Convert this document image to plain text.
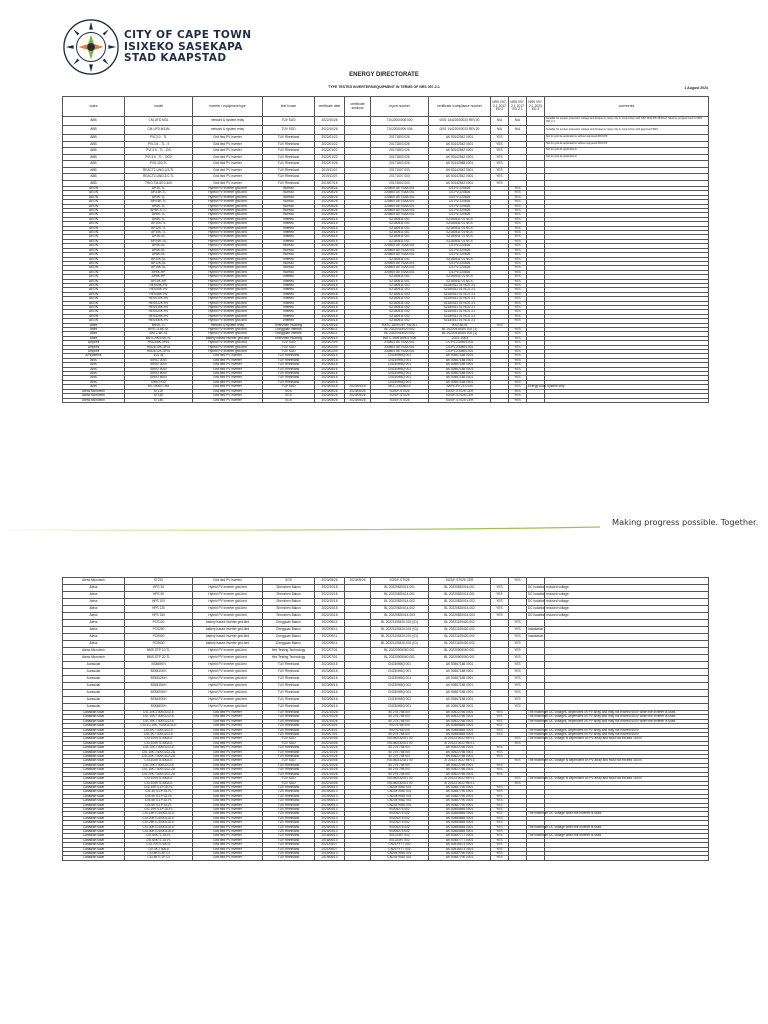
CITY OF CAPE TOWN
ISIXEKO SASEKAPA
STAD KAAPSTAD
ENERGY DIRECTORATE
TYPE TESTED INVERTERS/EQUIPMENT IN TERMS OF NRS 097-2-1	1 August 2024
make	model	inverter / equipment type	test house	certificate date	certificate sections	report number	certificate /compliance number	NRS 097-2-1 2017 ED 2	NRS 097-2-1 2017 ED 2.1	NRS 097-2-1 2023 ED 3	comments
ABB	CM-UFD.M31	network & system relay	TÜV SÜD	2022/10/26		71022000006 000	0001 144220/00023 REV.00	N/A	N/A		Suitable for system protection voltage and frequency relay only in conjunction with NSC M31-RS 45/20-M. Must be programmed to NRS 097-2-1
ABB	CM-UFD.M31M	network & system relay	TÜV SÜD	2022/10/26		71022000006 006	0001 144220/00023 REV.00	N/A	N/A		Suitable for system protection voltage and frequency relay only in conjunction with approved NRS
ABB	PVI-3.0 - TL	Grid tied PV inverter	TUV Rheinland	2022/01/22		20171803 026	AK 50142542 0001	YES			Not for grid-tie applications without approved ROCOF
ABB	PVI-3.6 - TL - 9	Grid tied PV inverter	TUV Rheinland	2022/01/22		20171803 026	AK 50142542 0001	YES			Not for grid-tie applications without approved ROCOF
ABB	PVI-3.6 - TL - OO	Grid tied PV inverter	TUV Rheinland	2022/01/22		20171803 026	AK 50142542 0001	YES			Not for grid-tie applications
ABB	PVI-3.6 - TL - OO2	Grid tied PV inverter	TUV Rheinland	2022/01/22		20171803 026	AK 50142542 0001	YES			Not for grid-tie applications
ABB	PVS-100-TL	Grid tied PV inverter	TUV Rheinland	2022/01/26		20171803 026	AK 50142588 0001	YES			
ABB	REACT2-UNO-3.5-TL	Grid tied PV inverter	TUV Rheinland	2019/11/07		20171007 003	AK 50142542 0001	YES			
ABB	REACT2-UNO-5.0-TL	Grid tied PV inverter	TUV Rheinland	2019/11/07		20171007 003	AK 50142542 0001	YES			
ABB	TRIO-TM-60.0-400	Grid tied PV inverter	TUV Rheinland	2019/07/15		20174502 003	AK 50142542 0001	YES			
AEON	AP3K-TL	Hybrid PV inverter grid-tied	Bureau	2022/08/26		220805 DETSAA 001	CS-PV-220826		YES		
AEON	AP3.6K-TL	Hybrid PV inverter grid-tied	Bureau	2022/08/26		220805 DETSAA 001	CS-PV-220826		YES		
AEON	AP4K-TL	Hybrid PV inverter grid-tied	Bureau	2022/08/26		220805 DETSAA 001	CS-PV-220826		YES		
AEON	AP4.6K-TL	Hybrid PV inverter grid-tied	Bureau	2022/08/26		220805 DETSAA 001	CS-PV-220826		YES		
AEON	AP5K-TL	Hybrid PV inverter grid-tied	Bureau	2022/08/26		220805 DETSAA 001	CS-PV-220826		YES		
AEON	AP5K-TL-C	Hybrid PV inverter grid-tied	Bureau	2022/08/26		220805 DETSAA 001	CS-PV-220826		YES		
AEON	AP6K-TL	Hybrid PV inverter grid-tied	Bureau	2022/08/26		220805 DETSAA 001	CS-PV-220826		YES		
AEON	AP8K-TL	Hybrid PV inverter grid-tied	Intertek	2022/06/15		SZ180511 001	SZ180511 01 NCS		YES		
AEON	AP10K-TL	Hybrid PV inverter grid-tied	Intertek	2022/06/15		SZ180511 001	SZ180511 01 NCS		YES		
AEON	AP12K-TL	Hybrid PV inverter grid-tied	Intertek	2022/06/15		SZ180511 001	SZ180511 01 NCS		YES		
AEON	AP15K-TL	Hybrid PV inverter grid-tied	Intertek	2022/06/15		SZ180511 001	SZ180511 01 NCS		YES		
AEON	AP3K-SL	Hybrid PV inverter grid-tied	Intertek	2022/06/15		SZ180511 001	SZ180511 01 NCS		YES		
AEON	AP3.6K-SL	Hybrid PV inverter grid-tied	Intertek	2022/06/15		SZ180511 001	SZ180511 01 NCS		YES		
AEON	AP5K-SL	Hybrid PV inverter grid-tied	Bureau	2022/08/26		220805 DETSAA 001	CS-PV-220826		YES		
AEON	AP6K-SL	Hybrid PV inverter grid-tied	Bureau	2022/08/26		220805 DETSAA 001	CS-PV-220826		YES		
AEON	AP8K-SL	Hybrid PV inverter grid-tied	Bureau	2022/08/26		220805 DETSAA 001	CS-PV-220826		YES		
AEON	AP10K-SL	Hybrid PV inverter grid-tied	Intertek	2022/06/15		SZ180511 001	SZ180511 01 NCS		YES		
AEON	AP12K-SL	Hybrid PV inverter grid-tied	Bureau	2022/08/26		220805 DETSAA 001	CS-PV-220826		YES		
AEON	AP15K-SL	Hybrid PV inverter grid-tied	Bureau	2022/08/26		220805 DETSAA 001	CS-PV-220826		YES		
AEON	AP6K-HP	Hybrid PV inverter grid-tied	Bureau	2022/08/26		220805 DETSAA 001	CS-PV-220826		YES		
AEON	AP8K-HP	Hybrid PV inverter grid-tied	Intertek	2022/06/15		SZ180511 001	SZ180511 01 NCS		YES		
AEON	AP10K-HP	Hybrid PV inverter grid-tied	Intertek	2022/06/15		SZ180511 001	SZ180511 01 NCS		YES		
AEON	HESS5K-HV	Hybrid PV inverter grid-tied	Intertek	2023/06/18		SZ180511 002	SZ180511 01 NCS 3.1		YES		
AEON	HESS6K-HV	Hybrid PV inverter grid-tied	Intertek	2023/06/18		SZ180511 002	SZ180511 01 NCS 3.1		YES		
AEON	HESS8K-HV	Hybrid PV inverter grid-tied	Intertek	2023/06/18		SZ180511 002	SZ180511 01 NCS 3.1		YES		
AEON	HESS10K-HV	Hybrid PV inverter grid-tied	Intertek	2023/06/18		SZ180511 002	SZ180511 01 NCS 3.1		YES		
AEON	HESS12K-HV	Hybrid PV inverter grid-tied	Intertek	2023/06/18		SZ180511 002	SZ180511 01 NCS 3.1		YES		
AEON	HESS15K-HV	Hybrid PV inverter grid-tied	Intertek	2023/06/18		SZ180511 002	SZ180511 01 NCS 3.1		YES		
AEON	HESS20K-HV	Hybrid PV inverter grid-tied	Intertek	2023/06/18		SZ180511 002	SZ180511 01 NCS 3.1		YES		
AEON	HESS25K-HV	Hybrid PV inverter grid-tied	Intertek	2023/06/18		SZ180511 002	SZ180511 01 NCS 3.1		YES		
AEON	HESS30K-HV	Hybrid PV inverter grid-tied	Intertek	2023/06/18		SZ180511 002	SZ180511 01 NCS 3.1		YES		
Afore	BNSK-TL	network & system relay	Shenzhen Huatong	2021/05/26		HATC-1609 DET SA 001	0002-B178	YES			
Afore	BNTL-4.6K-SL	Hybrid PV inverter grid-tied	Dongguan Intertek	2022/06/11		BL 20220415020 002	BL 20220415020 002 (1)		YES		
Afore	BNTL-6K-SL	Hybrid PV inverter grid-tied	Dongguan Intertek	2022/06/11		BL 20220415020 002	BL 20220415020 002 (1)		YES		
Afore	BNTL-5K/4.6K-SL	battery based inverter grid-tied	Shenzhen Huatong	2023/06/19		HATC-1609 A50017026	-2023 -0003		YES		
Ampcell	HSD3/8K-3P01	Hybrid PV inverter grid-tied	TUV SUD	2023/02/09		230804 DETSAA 001	CS-PV-230804-001		YES		
Ampcell	HSD3/10K-3P01	Hybrid PV inverter grid-tied	TUV SUD	2023/02/09		230804 DETSAA 001	CS-PV-230804-001		YES		
Ampcell	HSD3/12K-3P01	Hybrid PV inverter grid-tied	TUV SUD	2023/02/09		230804 DETSAA 001	CS-PV-230804-001		YES		
APsystems	EZ1-M	Grid tied PV inverter	TUV Rheinland	2023/08/16		CN230HBQ 001	AK 50567188 0001		YES		
Aros	SIRIO 2000	Grid tied PV inverter	TUV Rheinland	2023/08/16		CN230HBQ 001	AK 50567188 0001		YES		
Aros	SIRIO 3000	Grid tied PV inverter	TUV Rheinland	2023/08/16		CN230HBQ 001	AK 50567188 0001		YES		
Aros	SIRIO 4000	Grid tied PV inverter	TUV Rheinland	2023/08/16		CN230HBQ 001	AK 50567188 0001		YES		
Aros	SIRIO 5000	Grid tied PV inverter	TUV Rheinland	2023/08/16		CN230HBQ 001	AK 50567188 0001		YES		
Aros	SIRIO 6000	Grid tied PV inverter	TUV Rheinland	2023/08/16		CN230HBQ 001	AK 50567188 0001		YES		
Aros	SIRIO K12	Grid tied PV inverter	TUV Rheinland	2023/08/16		CN230HBQ 001	AK 50567188 0001		YES		
Aros	HV-10000T-RA	Grid tied PV inverter	TUV SUD	2023/04/18	2023/04/18	MCC.J3304013	SAFE-PV-23-0134		YES	Energy Audit System only	
Atess Microtech	ST120	Grid tied PV inverter	SGS	2023/05/26	2023/05/26	SGS/F-ST025	SGS/F-ST025 CER		YES		
Atess Microtech	ST150	Grid tied PV inverter	SGS	2023/05/26	2023/05/26	SGS/F-ST025	SGS/F-ST025 CER		YES		
Atess Microtech	ST180	Grid tied PV inverter	SGS	2023/05/26	2023/05/26	SGS/F-ST025	SGS/F-ST025 CER		YES		
Making progress possible. Together.
Atess Microtech	ST210	Grid tied PV inverter	SGS	2023/05/26	2023/05/26	SGS/F-ST025	SGS/F-ST025 CER		YES		
Atess	HPS 30	Hybrid PV inverter grid-tied	Shenzhen Bakun	2022/10/18		BL 20220820014-001	BL 20220820014-001	YES		DC isolation reduced voltage.	
Atess	HPS 50	Hybrid PV inverter grid-tied	Shenzhen Bakun	2022/10/18		BL 20220820014-001	BL 20220820014-001	YES		DC isolation reduced voltage.	
Atess	HPS 100	Hybrid PV inverter grid-tied	Shenzhen Bakun	2022/10/18		BL 20220820014-002	BL 20220820014-002	YES		DC isolation reduced voltage.	
Atess	HPS 120	Hybrid PV inverter grid-tied	Shenzhen Bakun	2022/10/18		BL 20220820014-002	BL 20220820014-002	YES		DC isolation reduced voltage.	
Atess	HPS 150	Hybrid PV inverter grid-tied	Shenzhen Bakun	2022/10/18		BL 20220820014-003	BL 20220820014-003	YES		DC isolation reduced voltage.	
Atess	PCS100	battery based inverter grid-tied	Dongguan Bakun	2022/09/11		BL 20221105420-001 (01)	BL 20221105420-002		YES		
Atess	PCS250	battery based inverter grid-tied	Dongguan Bakun	2022/09/11		BL 20221105420-001 (01)	BL 20221105420-002		YES	Installation	
Atess	PCS500	battery based inverter grid-tied	Dongguan Bakun	2022/09/11		BL 20221105420-001 (01)	BL 20221105420-002		YES	Installation	
Atess	PCS630	battery based inverter grid-tied	Dongguan Bakun	2022/09/11		BL 20221105420-001 (01)	BL 20221105420-002		YES		
Atess Microtech	BMS-STP 10-TL	Hybrid PV inverter grid-tied	Hex Testing Technology	2022/07/01		BL 20220905060-001	BL 20220905060-001		YES		
Atess Microtech	BMS-STP 20-TL	Hybrid PV inverter grid-tied	Hex Testing Technology	2022/07/01		BL 20220905060-001	BL 20220905060-001		YES		
Aurasolar	BSMI8KH	Hybrid PV inverter grid-tied	TUV Rheinland	2023/06/16		CN230HBQ 001	AK 50567188 0001		YES		
Aurasolar	BSMI10KH	Hybrid PV inverter grid-tied	TUV Rheinland	2023/06/16		CN230HBQ 001	AK 50567188 0001		YES		
Aurasolar	BSMI12KH	Hybrid PV inverter grid-tied	TUV Rheinland	2023/06/16		CN230HBQ 001	AK 50567188 0001		YES		
Aurasolar	BSMI15KH	Hybrid PV inverter grid-tied	TUV Rheinland	2023/06/16		CN230HBQ 001	AK 50567188 0001		YES		
Aurasolar	BSMI20KH	Hybrid PV inverter grid-tied	TUV Rheinland	2023/06/16		CN230HBQ 001	AK 50567188 0001		YES		
Aurasolar	BSMI30KH	Hybrid PV inverter grid-tied	TUV Rheinland	2023/06/16		CN230HBQ 001	AK 50567188 0001		YES		
Aurasolar	BSMI50KH	Hybrid PV inverter grid-tied	TUV Rheinland	2023/06/16		CN230HBQ 001	AK 50567188 0001		YES		
Canadian solar	CSI-10K-T400GL02-E	Grid tied PV inverter	TUV Rheinland	2021/10/26		50 275 758 007	AK 50522766 0001	YES		The maximum DC voltages, dependent on PV array and may not exceed 600V when the inverter is used.	
Canadian solar	CSI-10K-T400GL02-E	Grid tied PV inverter	TUV Rheinland	2021/10/26		50 275 758 007	AK 50522766 0001	YES		The maximum DC voltages, dependent on PV array and may not exceed 600V when the inverter is used.	
Canadian solar	CSI-15K-T400GL02-E	Grid tied PV inverter	TUV Rheinland	2021/10/26		50 275 758 007	AK 50522766 0001	YES		The maximum DC voltages, dependent on PV array and may not exceed 600V when the inverter is used.	
Canadian solar	CSI-10-15K-T400GL02-E	Grid tied PV inverter	TUV Rheinland	2022/03/01		90275758 005	AK 50485855 0001	YES			
Canadian solar	CSI-5K-T400GL02-E	Grid tied PV inverter	TUV Rheinland	2022/03/01		90275758 005	AK 50485855 0001	YES		The maximum DC voltages, dependent on PV array and may not exceed 600V.	
Canadian solar	CSI-3K-T400GL02-E	Grid tied PV inverter	TUV Rheinland	2020/07/01		50 275 758 007	AK 50485855 0001	YES		The maximum DC voltages, dependent on PV array and may not exceed 600V.	
Canadian solar	CSI-100KTL400A-E	Grid tied PV inverter	TÜV SÜD	2022/10/05		7S0180232021 00	ZI 20123 0022 REV.1		YES	The maximum DC voltage is dependent on PV array and must not exceed 1100V.	
Canadian solar	CSI-100KTL400A-E	Grid tied PV inverter	TÜV SÜD	2022/10/05		7S0180232021 00	ZI 20123 0022 REV.1		YES		
Canadian solar	CSI-10K-T400GL02-E	Grid tied PV inverter	TUV Rheinland	2021/10/26		50 275 758 007	AK 50522766 0001	YES			
Canadian solar	CSI-15K-T400GL02-ZA	Grid tied PV inverter	TUV Rheinland	2021/10/26		50 275 758 007	AK 50522766 0001	YES			
Canadian solar	CSI-20K-T400GL02-ZA	Grid tied PV inverter	TUV Rheinland	2021/10/26		50 275 758 007	AK 50522766 0001	YES			
Canadian solar	CSI-100KTL400A-E	Grid tied PV inverter	TÜV SÜD	2022/10/05		7S0180232021 00	ZI 20123 0022 REV.1		YES	The maximum DC voltage is dependent on PV array and must not exceed 1100V.	
Canadian solar	CSI-10K-T400GL02-E	Grid tied PV inverter	TUV Rheinland	2021/10/26		50 275 758 007	AK 50522766 0001	YES			
Canadian solar	CSI-15K-T400GL02-ZA	Grid tied PV inverter	TUV Rheinland	2021/10/26		50 275 758 007	AK 50522766 0001	YES			
Canadian solar	CSI-20K-T400GL02-ZA	Grid tied PV inverter	TUV Rheinland	2021/10/26		50 275 758 007	AK 50522766 0001	YES			
Canadian solar	CSI-100KTL400A-E	Grid tied PV inverter	TÜV SÜD	2022/10/05		7S0180232021 00	ZI 20123 0022 REV.1		YES	The maximum DC voltage is dependent on PV array and must not exceed 1100V.	
Canadian solar	CSI-100KTL400A-E	Grid tied PV inverter	TÜV SÜD	2022/10/05		7S0180232021 00	ZI 20123 0022 REV.1		YES		
Canadian solar	CSI-10KTL1P-GI-FL	Grid tied PV inverter	TUV Rheinland	2019/06/13		CN2047K8D 001	AK 50487790 0001	YES			
Canadian solar	CSI-3KTL1P-GI-FL	Grid tied PV inverter	TUV Rheinland	2019/06/13		CN2047K8D 001	AK 50487790 0001	YES			
Canadian solar	CSI-4KTL1P-GI-FL	Grid tied PV inverter	TUV Rheinland	2019/06/13		CN2047K8D 001	AK 50487790 0001	YES			
Canadian solar	CSI-5KTL1P-GI-FL	Grid tied PV inverter	TUV Rheinland	2019/06/13		CN2047K8D 001	AK 50487790 0001	YES			
Canadian solar	CSI-6KTL1P-GI-FL	Grid tied PV inverter	TUV Rheinland	2019/06/13		CN2047K8D 001	AK 50487790 0001	YES			
Canadian solar	CSI-10KTL1P-GI-FL	Grid tied PV inverter	TUV Rheinland	2020/04/13		90204275 002	AK 50485855 0001	YES			
Canadian solar	CSI-15KTL400GL02-E	Grid tied PV inverter	TUV Rheinland	2020/04/13		90204275 002	AK 50485855 0001	YES		The maximum DC voltage when the inverter is used.	
Canadian solar	CSI-20KTL400GL02-E	Grid tied PV inverter	TUV Rheinland	2020/04/13		90204275 002	AK 50485855 0001	YES			
Canadian solar	CSI-25KTL400GL02-E	Grid tied PV inverter	TUV Rheinland	2020/04/13		90204275 002	AK 50485855 0001	YES			
Canadian solar	CSI-30KTL400GL02-E	Grid tied PV inverter	TUV Rheinland	2020/04/13		90204275 002	AK 50485855 0001	YES		The maximum DC voltage when the inverter is used.	
Canadian solar	CSI-40KTL400GL02-E	Grid tied PV inverter	TUV Rheinland	2020/04/13		90204275 002	AK 50485855 0001	YES			
Canadian solar	CSI-50KTL-GI-FL	Grid tied PV inverter	TUV Rheinland	2018/06/13		50122397 002	AK 50487777 0001	YES		The maximum DC voltage when the inverter is used.	
Canadian solar	CSI-60KTL-GI-FL	Grid tied PV inverter	TUV Rheinland	2018/06/13		50122397 002	AK 50487777 0001	YES			
Canadian solar	CSI-70KTL400-E	Grid tied PV inverter	TUV Rheinland	2021/08/27		CN21FYT7 002	AK 50516573 0001	YES			
Canadian solar	CSI-3K-T400-E	Grid tied PV inverter	TUV Rheinland	2021/08/27		CN21FYT7 002	AK 50516573 0001	YES			
Canadian solar	CSI-5KTL1P-GI	Grid tied PV inverter	TUV Rheinland	2019/06/13		CN2047K8D 001	AK 50487790 0001	YES			
Canadian solar	CSI-6KTL1P-GI	Grid tied PV inverter	TUV Rheinland	2019/06/13		CN2047K8D 001	AK 50487790 0001	YES			
